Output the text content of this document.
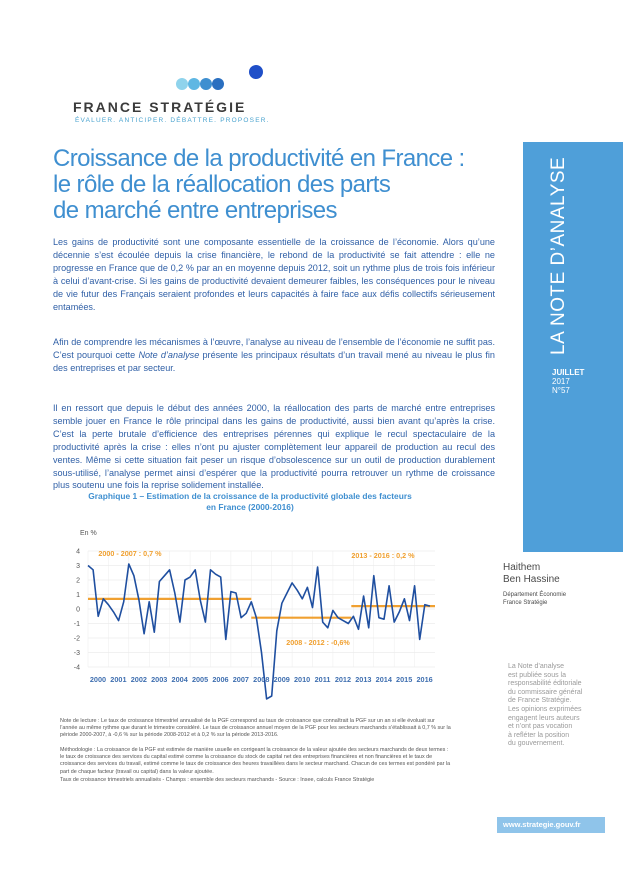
FRANCE STRATÉGIE
ÉVALUER. ANTICIPER. DÉBATTRE. PROPOSER.
Croissance de la productivité en France :
le rôle de la réallocation des parts
de marché entre entreprises

Les gains de productivité sont une composante essentielle de la croissance de l’économie. Alors qu’une décennie s’est écoulée depuis la crise financière, le rebond de la productivité se fait attendre : elle ne progresse en France que de 0,2 % par an en moyenne depuis 2012, soit un rythme plus de trois fois inférieur à celui d’avant-crise. Si les gains de productivité devaient demeurer faibles, les conséquences pour le niveau de vie futur des Français seraient profondes et leurs capacités à faire face aux défis collectifs sérieusement entamées.

Afin de comprendre les mécanismes à l’œuvre, l’analyse au niveau de l’ensemble de l’économie ne suffit pas. C’est pourquoi cette Note d’analyse présente les principaux résultats d’un travail mené au niveau le plus fin des entreprises et par secteur.

Il en ressort que depuis le début des années 2000, la réallocation des parts de marché entre entreprises semble jouer en France le rôle principal dans les gains de productivité, aussi bien avant qu’après la crise. C’est la perte brutale d’efficience des entreprises pérennes qui explique le recul spectaculaire de la productivité après la crise : elles n’ont pu ajuster complètement leur appareil de production au recul des ventes. Même si cette situation fait peser un risque d’obsolescence sur un outil de production durablement sous-utilisé, l’analyse permet ainsi d’espérer que la productivité pourra retrouver un rythme de croissance plus soutenu une fois la reprise solidement installée.

LA NOTE D’ANALYSE
JUILLET
2017
N°57
Haithem
Ben Hassine
Département Économie
France Stratégie
La Note d’analyse
est publiée sous la
responsabilité éditoriale
du commissaire général
de France Stratégie.
Les opinions exprimées
engagent leurs auteurs
et n’ont pas vocation
à refléter la position
du gouvernement.
www.strategie.gouv.fr
Graphique 1 – Estimation de la croissance de la productivité globale des facteurs
en France (2000-2016)
En %
4
3
2
1
0
-1
-2
-3
-4
2000 2001 2002 2003 2004 2005 2006 2007 2008 2009 2010 2011 2012 2013 2014 2015 2016
2000 - 2007 : 0,7 %
2008 - 2012 : -0,6%
2013 - 2016 : 0,2 %
Note de lecture : Le taux de croissance trimestriel annualisé de la PGF correspond au taux de croissance que connaîtrait la PGF sur un an si elle évoluait sur l’année au même rythme que durant le trimestre considéré. Le taux de croissance annuel moyen de la PGF pour les secteurs marchands s’établissait à 0,7 % sur la période 2000-2007, à -0,6 % sur la période 2008-2012 et à 0,2 % sur la période 2013-2016.
Méthodologie : La croissance de la PGF est estimée de manière usuelle en corrigeant la croissance de la valeur ajoutée des secteurs marchands de deux termes : le taux de croissance des services du capital estimé comme la croissance du stock de capital net des entreprises financières et non financières et le taux de croissance des services du travail, estimé comme le taux de croissance des heures travaillées dans le secteur marchand. Chacun de ces termes est pondéré par la part de chaque facteur (travail ou capital) dans la valeur ajoutée.
Taux de croissance trimestriels annualisés - Champs : ensemble des secteurs marchands - Source : Insee, calculs France Stratégie
